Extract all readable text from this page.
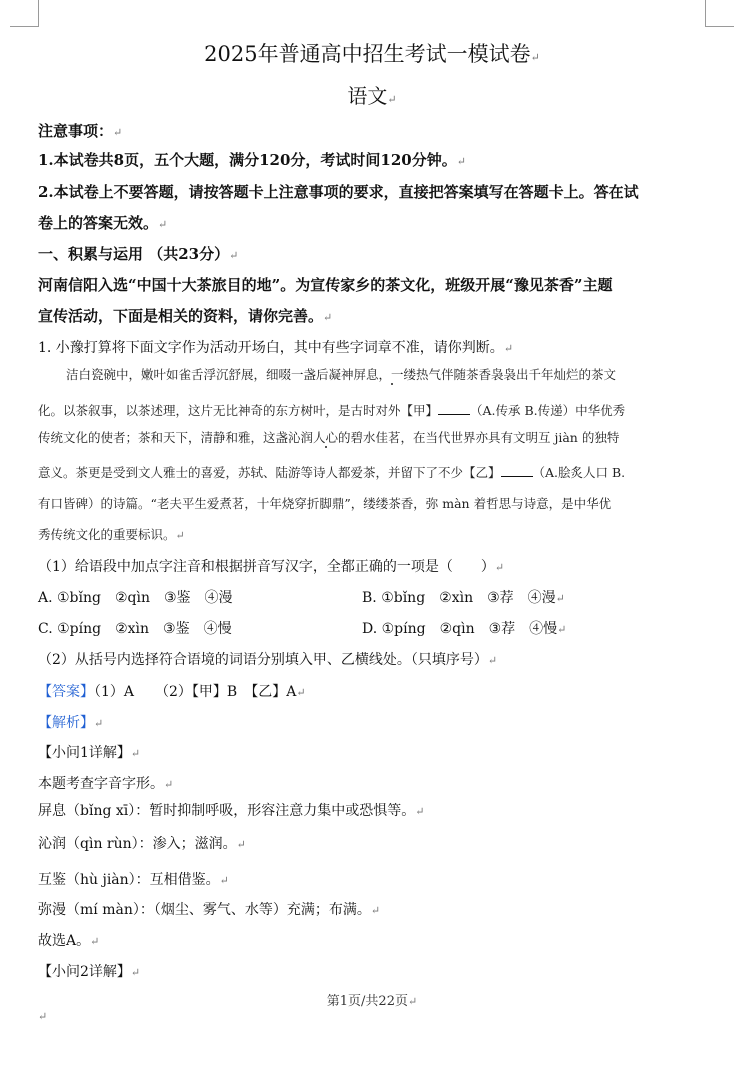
2025年普通高中招生考试一模试卷↵
语文↵
注意事项：↵
1.本试卷共8页，五个大题，满分120分，考试时间120分钟。↵
2.本试卷上不要答题，请按答题卡上注意事项的要求，直接把答案填写在答题卡上。答在试
卷上的答案无效。↵
一、积累与运用 （共23分）↵
河南信阳入选“中国十大茶旅目的地”。为宣传家乡的茶文化，班级开展“豫见茶香”主题
宣传活动，下面是相关的资料，请你完善。↵
1. 小豫打算将下面文字作为活动开场白，其中有些字词章不准，请你判断。↵
洁白瓷碗中，嫩叶如雀舌浮沉舒展，细啜一盏后凝神屏息，一缕热气伴随茶香袅袅出千年灿烂的茶文
化。以茶叙事，以茶述理，这片无比神奇的东方树叶，是古时对外【甲】	（A.传承 B.传递）中华优秀
传统文化的使者；茶和天下，清静和雅，这盏沁润人心的碧水佳茗，在当代世界亦具有文明互 jiàn 的独特
意义。茶更是受到文人雅士的喜爱，苏轼、陆游等诗人都爱茶，并留下了不少【乙】	（A.脍炙人口 B.
有口皆碑）的诗篇。“老夫平生爱煮茗，十年烧穿折脚鼎”，缕缕茶香，弥 màn 着哲思与诗意，是中华优
秀传统文化的重要标识。↵
（1）给语段中加点字注音和根据拼音写汉字，全都正确的一项是（　　）↵
A. ①bǐng　②qìn　③鉴　④漫	B. ①bǐng　②xìn　③荐　④漫↵
C. ①píng　②xìn　③鉴　④慢	D. ①píng　②qìn　③荐　④慢↵
（2）从括号内选择符合语境的词语分别填入甲、乙横线处。（只填序号）↵
【答案】（1）A　　（2）【甲】B　【乙】A↵
【解析】↵
【小问1详解】↵
本题考查字音字形。↵
屏息（bǐng xī）：暂时抑制呼吸，形容注意力集中或恐惧等。↵
沁润（qìn rùn）：渗入；滋润。↵
互鉴（hù jiàn）：互相借鉴。↵
弥漫（mí màn）：（烟尘、雾气、水等）充满；布满。↵
故选A。↵
【小问2详解】↵
第1页/共22页↵
↵
